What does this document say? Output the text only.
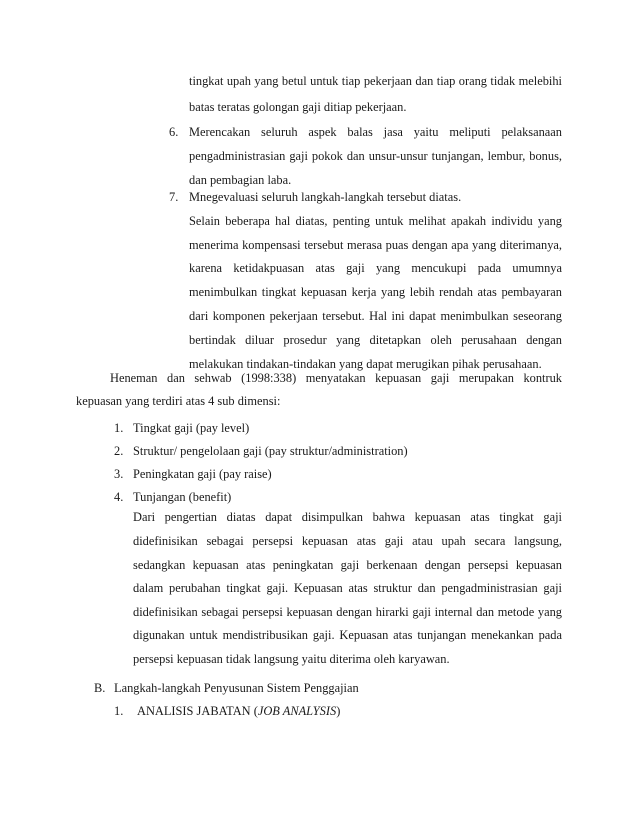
tingkat upah yang betul untuk tiap pekerjaan dan tiap orang tidak melebihi
batas teratas golongan gaji ditiap pekerjaan.
6. Merencakan seluruh aspek balas jasa yaitu meliputi pelaksanaan
pengadministrasian gaji pokok dan unsur-unsur tunjangan, lembur, bonus,
dan pembagian laba.
7. Mnegevaluasi seluruh langkah-langkah tersebut diatas.
Selain beberapa hal diatas, penting untuk melihat apakah individu yang
menerima kompensasi tersebut merasa puas dengan apa yang diterimanya,
karena ketidakpuasan atas gaji yang mencukupi pada umumnya
menimbulkan tingkat kepuasan kerja yang lebih rendah atas pembayaran
dari komponen pekerjaan tersebut. Hal ini dapat menimbulkan seseorang
bertindak diluar prosedur yang ditetapkan oleh perusahaan dengan
melakukan tindakan-tindakan yang dapat merugikan pihak perusahaan.
Heneman dan sehwab (1998:338) menyatakan kepuasan gaji merupakan kontruk
kepuasan yang terdiri atas 4 sub dimensi:
1. Tingkat gaji (pay level)
2. Struktur/ pengelolaan gaji (pay struktur/administration)
3. Peningkatan gaji (pay raise)
4. Tunjangan (benefit)
Dari pengertian diatas dapat disimpulkan bahwa kepuasan atas tingkat gaji
didefinisikan sebagai persepsi kepuasan atas gaji atau upah secara langsung,
sedangkan kepuasan atas peningkatan gaji berkenaan dengan persepsi kepuasan
dalam perubahan tingkat gaji. Kepuasan atas struktur dan pengadministrasian gaji
didefinisikan sebagai persepsi kepuasan dengan hirarki gaji internal dan metode yang
digunakan untuk mendistribusikan gaji. Kepuasan atas tunjangan menekankan pada
persepsi kepuasan tidak langsung yaitu diterima oleh karyawan.
B. Langkah-langkah Penyusunan Sistem Penggajian
1. ANALISIS JABATAN (JOB ANALYSIS)
